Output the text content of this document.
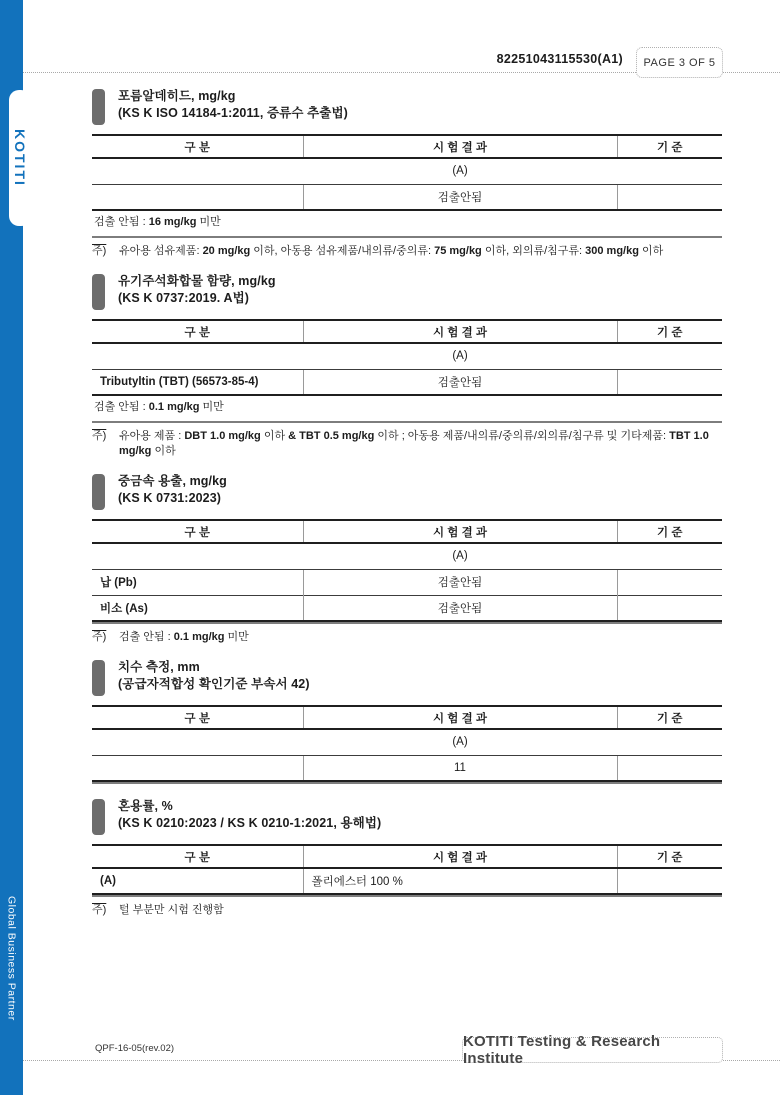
Global Business Partner
KOTITI
82251043115530(A1) PAGE 3 OF 5
포름알데히드, mg/kg
(KS K ISO 14184-1:2011, 증류수 추출법)
구 분	시 험 결 과	기 준
(A)		
	검출안됨	
검출 안됨 : 16 mg/kg 미만
주)	유아용 섬유제품: 20 mg/kg 이하, 아동용 섬유제품/내의류/중의류: 75 mg/kg 이하, 외의류/침구류: 300 mg/kg 이하
유기주석화합물 함량, mg/kg
(KS K 0737:2019. A법)
구 분	시 험 결 과	기 준
(A)		
Tributyltin (TBT) (56573-85-4)	검출안됨	
검출 안됨 : 0.1 mg/kg 미만
주)	유아용 제품 : DBT 1.0 mg/kg 이하 & TBT 0.5 mg/kg 이하 ; 아동용 제품/내의류/중의류/외의류/침구류 및 기타제품: TBT 1.0 mg/kg 이하
중금속 용출, mg/kg
(KS K 0731:2023)
구 분	시 험 결 과	기 준
(A)		
납 (Pb)	검출안됨	
비소 (As)	검출안됨	
주)	검출 안됨 : 0.1 mg/kg 미만
치수 측정, mm
(공급자적합성 확인기준 부속서 42)
구 분	시 험 결 과	기 준
(A)		
	11	
혼용률, %
(KS K 0210:2023 / KS K 0210-1:2021, 용해법)
구 분	시 험 결 과	기 준
(A)	폴리에스터 100 %	
주)	털 부분만 시험 진행함
QPF-16-05(rev.02)	KOTITI Testing & Research Institute
